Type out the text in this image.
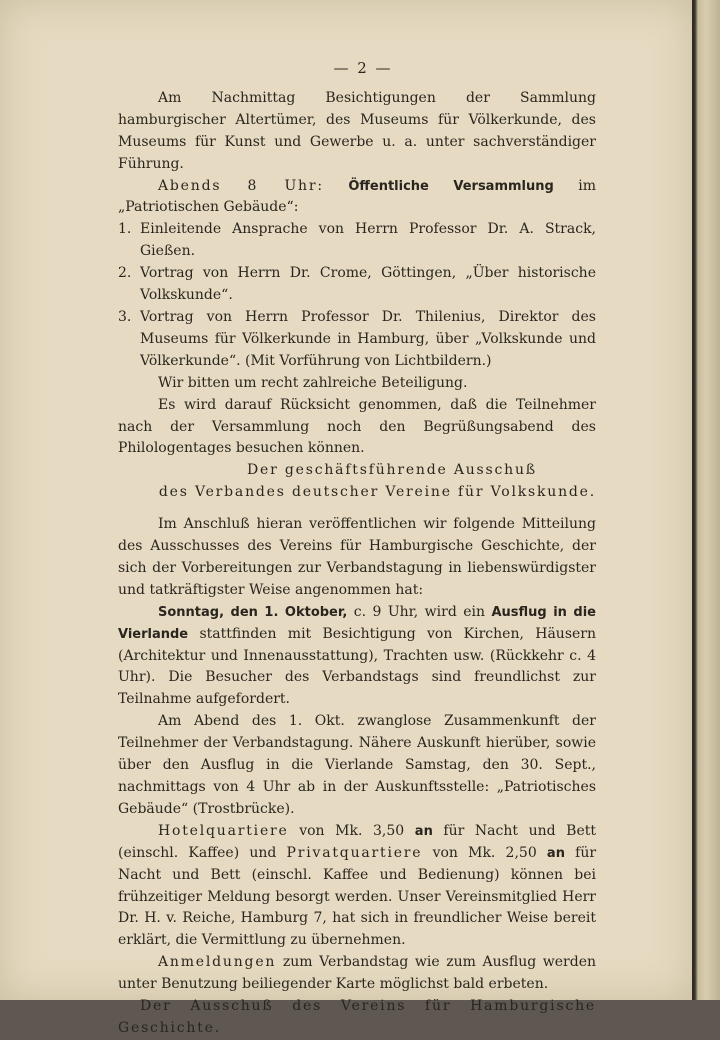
— 2 —

Am Nachmittag Besichtigungen der Sammlung hamburgischer Altertümer, des Museums für Völkerkunde, des Museums für Kunst und Gewerbe u. a. unter sachverständiger Führung.

Abends 8 Uhr: Öffentliche Versammlung im „Patriotischen Gebäude“:

1. Einleitende Ansprache von Herrn Professor Dr. A. Strack, Gießen.
2. Vortrag von Herrn Dr. Crome, Göttingen, „Über historische Volkskunde“.
3. Vortrag von Herrn Professor Dr. Thilenius, Direktor des Museums für Völkerkunde in Hamburg, über „Volkskunde und Völkerkunde“. (Mit Vorführung von Lichtbildern.)

Wir bitten um recht zahlreiche Beteiligung.

Es wird darauf Rücksicht genommen, daß die Teilnehmer nach der Versammlung noch den Begrüßungsabend des Philologentages besuchen können.

Der geschäftsführende Ausschuß

des Verbandes deutscher Vereine für Volkskunde.

Im Anschluß hieran veröffentlichen wir folgende Mitteilung des Ausschusses des Vereins für Hamburgische Geschichte, der sich der Vorbereitungen zur Verbandstagung in liebenswürdigster und tatkräftigster Weise angenommen hat:

Sonntag, den 1. Oktober, c. 9 Uhr, wird ein Ausflug in die Vierlande stattfinden mit Besichtigung von Kirchen, Häusern (Architektur und Innenausstattung), Trachten usw. (Rückkehr c. 4 Uhr). Die Besucher des Verbandstags sind freundlichst zur Teilnahme aufgefordert.

Am Abend des 1. Okt. zwanglose Zusammenkunft der Teilnehmer der Verbandstagung. Nähere Auskunft hierüber, sowie über den Ausflug in die Vierlande Samstag, den 30. Sept., nachmittags von 4 Uhr ab in der Auskunftsstelle: „Patriotisches Gebäude“ (Trostbrücke).

Hotelquartiere von Mk. 3,50 an für Nacht und Bett (einschl. Kaffee) und Privatquartiere von Mk. 2,50 an für Nacht und Bett (einschl. Kaffee und Bedienung) können bei frühzeitiger Meldung besorgt werden. Unser Vereinsmitglied Herr Dr. H. v. Reiche, Hamburg 7, hat sich in freundlicher Weise bereit erklärt, die Vermittlung zu übernehmen.

Anmeldungen zum Verbandstag wie zum Ausflug werden unter Benutzung beiliegender Karte möglichst bald erbeten.

Der Ausschuß des Vereins für Hamburgische Geschichte.
